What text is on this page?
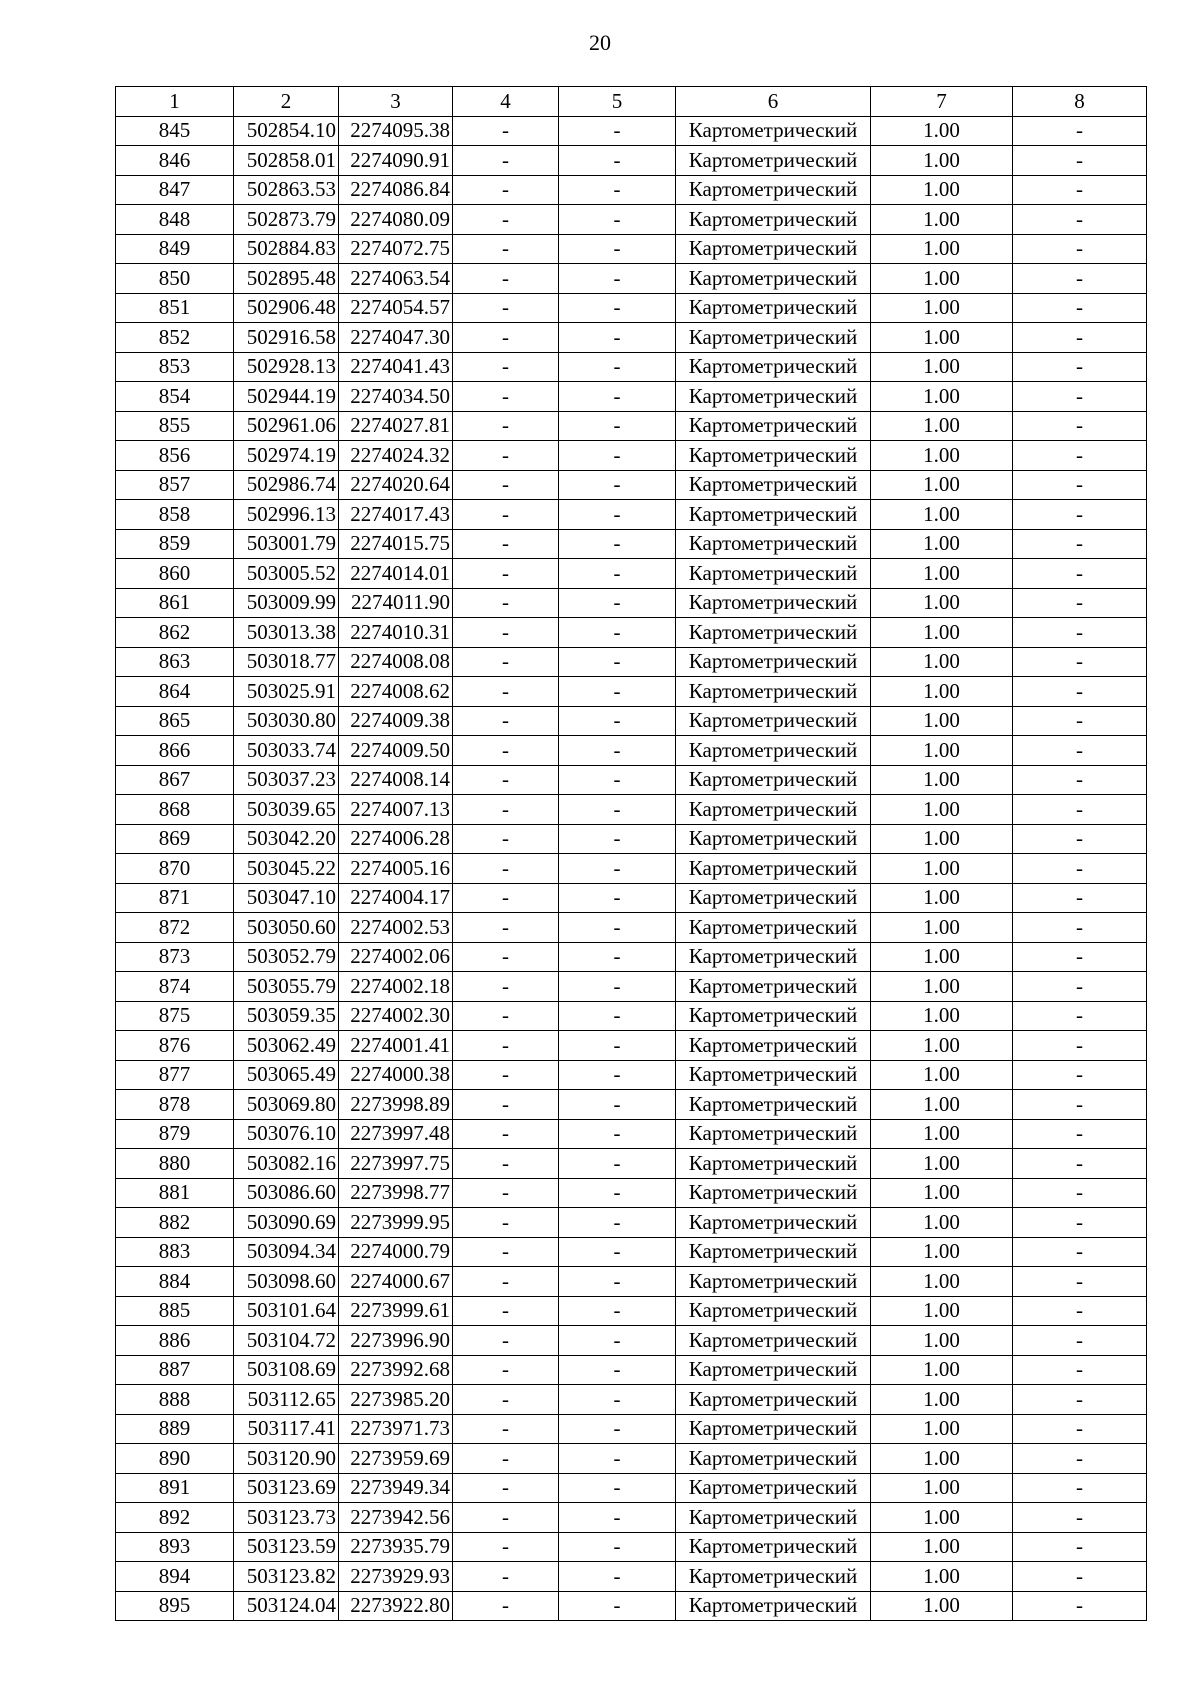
20
1	2	3	4	5	6	7	8
845	502854.10	2274095.38	-	-	Картометрический	1.00	-
846	502858.01	2274090.91	-	-	Картометрический	1.00	-
847	502863.53	2274086.84	-	-	Картометрический	1.00	-
848	502873.79	2274080.09	-	-	Картометрический	1.00	-
849	502884.83	2274072.75	-	-	Картометрический	1.00	-
850	502895.48	2274063.54	-	-	Картометрический	1.00	-
851	502906.48	2274054.57	-	-	Картометрический	1.00	-
852	502916.58	2274047.30	-	-	Картометрический	1.00	-
853	502928.13	2274041.43	-	-	Картометрический	1.00	-
854	502944.19	2274034.50	-	-	Картометрический	1.00	-
855	502961.06	2274027.81	-	-	Картометрический	1.00	-
856	502974.19	2274024.32	-	-	Картометрический	1.00	-
857	502986.74	2274020.64	-	-	Картометрический	1.00	-
858	502996.13	2274017.43	-	-	Картометрический	1.00	-
859	503001.79	2274015.75	-	-	Картометрический	1.00	-
860	503005.52	2274014.01	-	-	Картометрический	1.00	-
861	503009.99	2274011.90	-	-	Картометрический	1.00	-
862	503013.38	2274010.31	-	-	Картометрический	1.00	-
863	503018.77	2274008.08	-	-	Картометрический	1.00	-
864	503025.91	2274008.62	-	-	Картометрический	1.00	-
865	503030.80	2274009.38	-	-	Картометрический	1.00	-
866	503033.74	2274009.50	-	-	Картометрический	1.00	-
867	503037.23	2274008.14	-	-	Картометрический	1.00	-
868	503039.65	2274007.13	-	-	Картометрический	1.00	-
869	503042.20	2274006.28	-	-	Картометрический	1.00	-
870	503045.22	2274005.16	-	-	Картометрический	1.00	-
871	503047.10	2274004.17	-	-	Картометрический	1.00	-
872	503050.60	2274002.53	-	-	Картометрический	1.00	-
873	503052.79	2274002.06	-	-	Картометрический	1.00	-
874	503055.79	2274002.18	-	-	Картометрический	1.00	-
875	503059.35	2274002.30	-	-	Картометрический	1.00	-
876	503062.49	2274001.41	-	-	Картометрический	1.00	-
877	503065.49	2274000.38	-	-	Картометрический	1.00	-
878	503069.80	2273998.89	-	-	Картометрический	1.00	-
879	503076.10	2273997.48	-	-	Картометрический	1.00	-
880	503082.16	2273997.75	-	-	Картометрический	1.00	-
881	503086.60	2273998.77	-	-	Картометрический	1.00	-
882	503090.69	2273999.95	-	-	Картометрический	1.00	-
883	503094.34	2274000.79	-	-	Картометрический	1.00	-
884	503098.60	2274000.67	-	-	Картометрический	1.00	-
885	503101.64	2273999.61	-	-	Картометрический	1.00	-
886	503104.72	2273996.90	-	-	Картометрический	1.00	-
887	503108.69	2273992.68	-	-	Картометрический	1.00	-
888	503112.65	2273985.20	-	-	Картометрический	1.00	-
889	503117.41	2273971.73	-	-	Картометрический	1.00	-
890	503120.90	2273959.69	-	-	Картометрический	1.00	-
891	503123.69	2273949.34	-	-	Картометрический	1.00	-
892	503123.73	2273942.56	-	-	Картометрический	1.00	-
893	503123.59	2273935.79	-	-	Картометрический	1.00	-
894	503123.82	2273929.93	-	-	Картометрический	1.00	-
895	503124.04	2273922.80	-	-	Картометрический	1.00	-
